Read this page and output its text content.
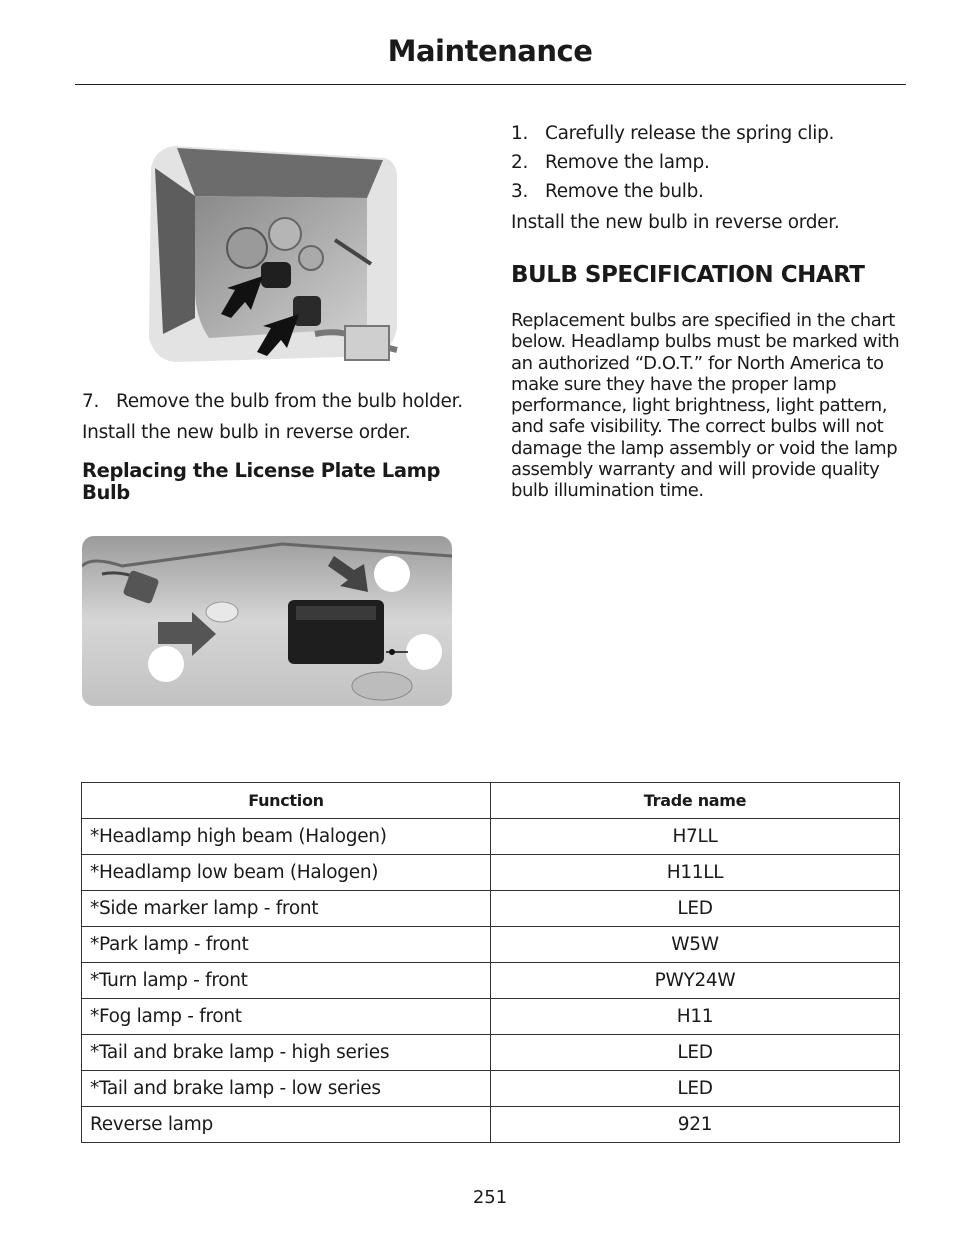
Maintenance
7. Remove the bulb from the bulb holder.
Install the new bulb in reverse order.
Replacing the License Plate Lamp Bulb
1. Carefully release the spring clip.
2. Remove the lamp.
3. Remove the bulb.
Install the new bulb in reverse order.
BULB SPECIFICATION CHART
Replacement bulbs are specified in the chart below. Headlamp bulbs must be marked with an authorized “D.O.T.” for North America to make sure they have the proper lamp performance, light brightness, light pattern, and safe visibility. The correct bulbs will not damage the lamp assembly or void the lamp assembly warranty and will provide quality bulb illumination time.
Function	Trade name
*Headlamp high beam (Halogen)	H7LL
*Headlamp low beam (Halogen)	H11LL
*Side marker lamp - front	LED
*Park lamp - front	W5W
*Turn lamp - front	PWY24W
*Fog lamp - front	H11
*Tail and brake lamp - high series	LED
*Tail and brake lamp - low series	LED
Reverse lamp	921
251
